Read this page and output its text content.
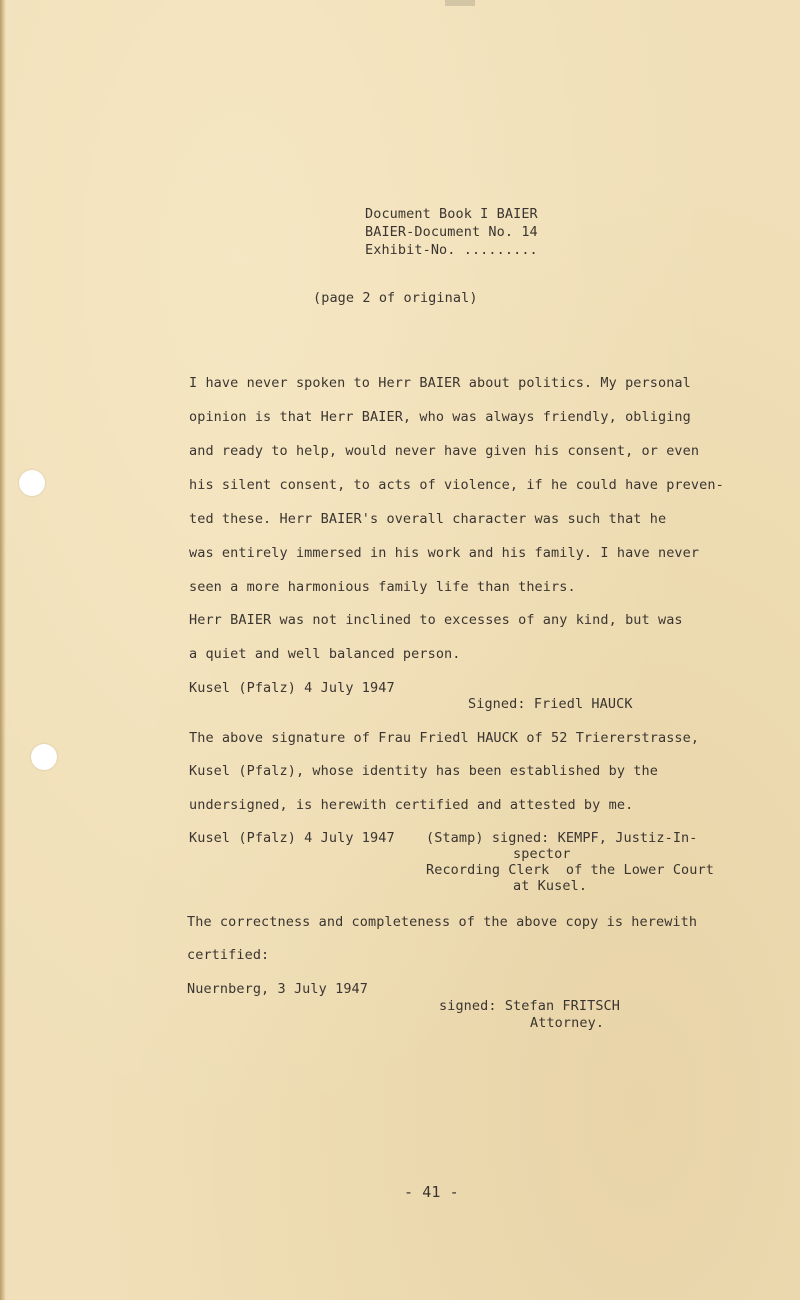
Document Book I BAIER

BAIER-Document No. 14

Exhibit-No. .........

(page 2 of original)

I have never spoken to Herr BAIER about politics. My personal

opinion is that Herr BAIER, who was always friendly, obliging

and ready to help, would never have given his consent, or even

his silent consent, to acts of violence, if he could have preven-

ted these. Herr BAIER's overall character was such that he

was entirely immersed in his work and his family. I have never

seen a more harmonious family life than theirs.

Herr BAIER was not inclined to excesses of any kind, but was

a quiet and well balanced person.

Kusel (Pfalz) 4 July 1947

Signed: Friedl HAUCK

The above signature of Frau Friedl HAUCK of 52 Triererstrasse,

Kusel (Pfalz), whose identity has been established by the

undersigned, is herewith certified and attested by me.

Kusel (Pfalz) 4 July 1947 (Stamp) signed: KEMPF, Justiz-In-

spector

Recording Clerk  of the Lower Court

at Kusel.

The correctness and completeness of the above copy is herewith

certified:

Nuernberg, 3 July 1947

signed: Stefan FRITSCH

Attorney.

- 41 -
